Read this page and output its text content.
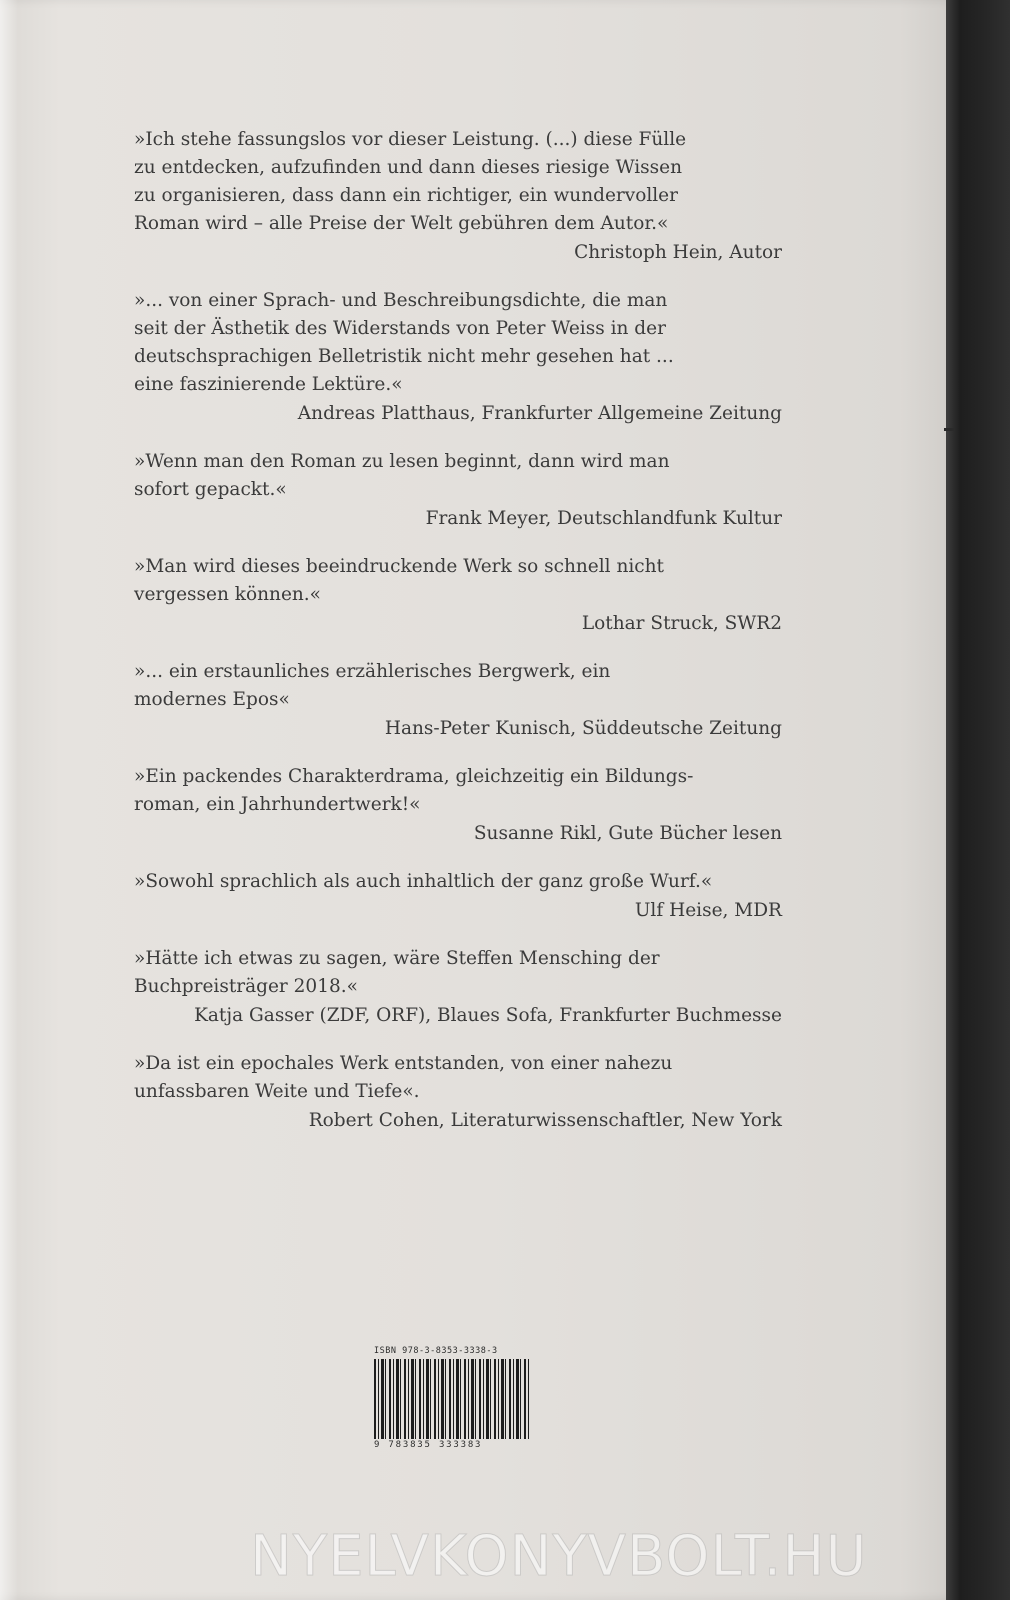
»Ich stehe fassungslos vor dieser Leistung. (...) diese Fülle
zu entdecken, aufzufinden und dann dieses riesige Wissen
zu organisieren, dass dann ein richtiger, ein wundervoller
Roman wird – alle Preise der Welt gebühren dem Autor.«
Christoph Hein, Autor
»... von einer Sprach- und Beschreibungsdichte, die man
seit der Ästhetik des Widerstands von Peter Weiss in der
deutschsprachigen Belletristik nicht mehr gesehen hat ...
eine faszinierende Lektüre.«
Andreas Platthaus, Frankfurter Allgemeine Zeitung
»Wenn man den Roman zu lesen beginnt, dann wird man
sofort gepackt.«
Frank Meyer, Deutschlandfunk Kultur
»Man wird dieses beeindruckende Werk so schnell nicht
vergessen können.«
Lothar Struck, SWR2
»... ein erstaunliches erzählerisches Bergwerk, ein
modernes Epos«
Hans-Peter Kunisch, Süddeutsche Zeitung
»Ein packendes Charakterdrama, gleichzeitig ein Bildungs-
roman, ein Jahrhundertwerk!«
Susanne Rikl, Gute Bücher lesen
»Sowohl sprachlich als auch inhaltlich der ganz große Wurf.«
Ulf Heise, MDR
»Hätte ich etwas zu sagen, wäre Steffen Mensching der
Buchpreisträger 2018.«
Katja Gasser (ZDF, ORF), Blaues Sofa, Frankfurter Buchmesse
»Da ist ein epochales Werk entstanden, von einer nahezu
unfassbaren Weite und Tiefe«.
Robert Cohen, Literaturwissenschaftler, New York
ISBN 978-3-8353-3338-3
9 783835 333383
NYELVKONYVBOLT.HU
